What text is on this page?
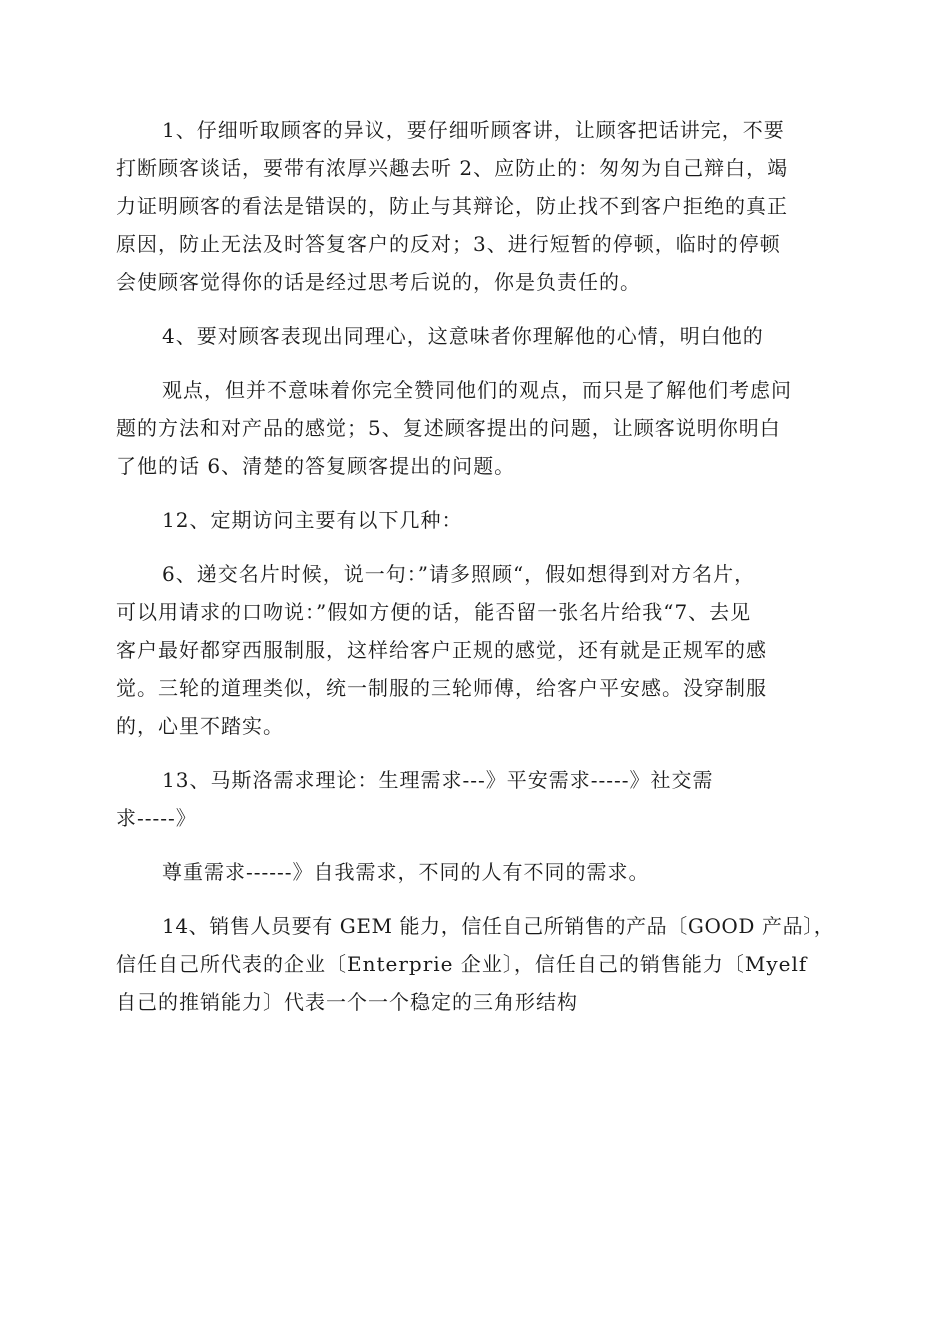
1、仔细听取顾客的异议，要仔细听顾客讲，让顾客把话讲完，不要
打断顾客谈话，要带有浓厚兴趣去听 2、应防止的：匆匆为自己辩白，竭
力证明顾客的看法是错误的，防止与其辩论，防止找不到客户拒绝的真正
原因，防止无法及时答复客户的反对；3、进行短暂的停顿，临时的停顿
会使顾客觉得你的话是经过思考后说的，你是负责任的。
4、要对顾客表现出同理心，这意味者你理解他的心情，明白他的
观点，但并不意味着你完全赞同他们的观点，而只是了解他们考虑问
题的方法和对产品的感觉；5、复述顾客提出的问题，让顾客说明你明白
了他的话 6、清楚的答复顾客提出的问题。
12、定期访问主要有以下几种：
6、递交名片时候，说一句：”请多照顾“，假如想得到对方名片，
可以用请求的口吻说：”假如方便的话，能否留一张名片给我“7、去见
客户最好都穿西服制服，这样给客户正规的感觉，还有就是正规军的感
觉。三轮的道理类似，统一制服的三轮师傅，给客户平安感。没穿制服
的，心里不踏实。
13、马斯洛需求理论：生理需求---》平安需求-----》社交需
求-----》
尊重需求------》自我需求，不同的人有不同的需求。
14、销售人员要有 GEM 能力，信任自己所销售的产品〔GOOD 产品〕，
信任自己所代表的企业〔Enterprie 企业〕，信任自己的销售能力〔Myelf
自己的推销能力〕代表一个一个稳定的三角形结构
